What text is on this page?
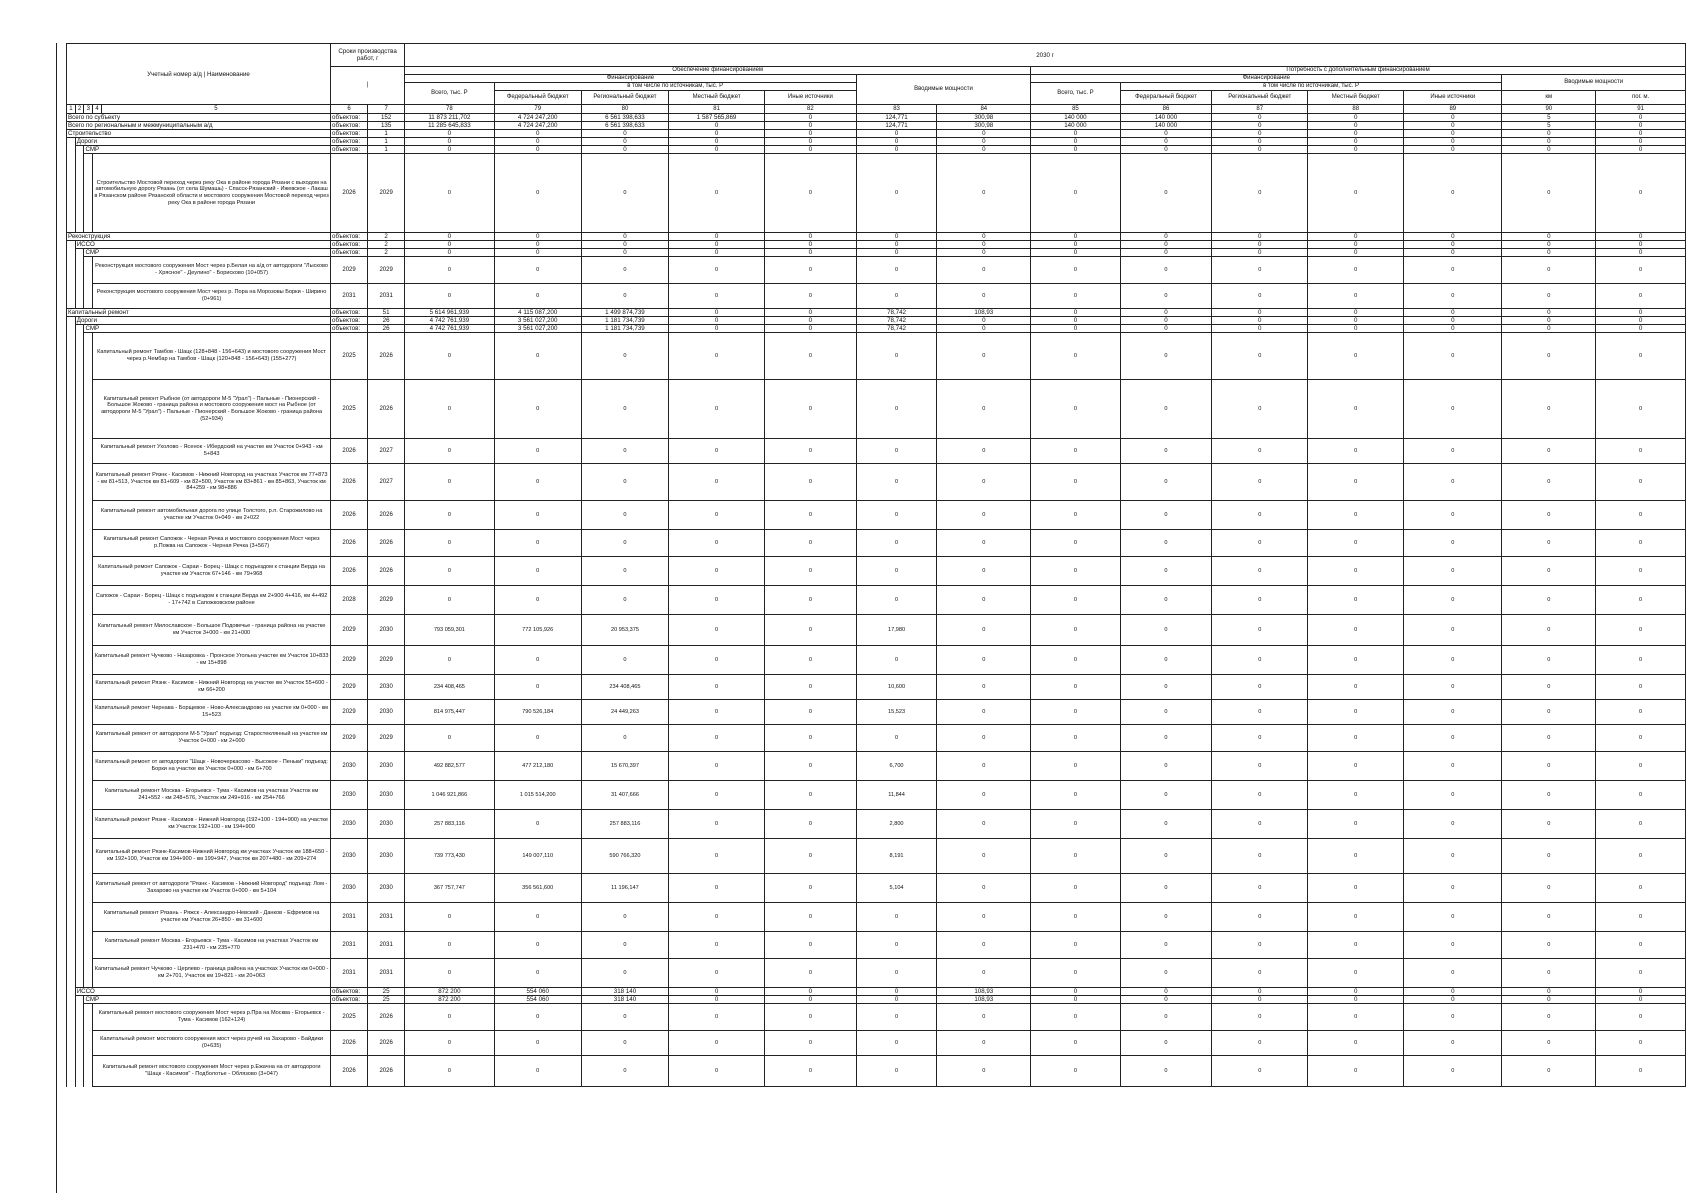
Учетный номер а/д | Наименование					Сроки производства работ, г		2030 г													
					|		Обеспечение финансированием							Потребность с дополнительным финансированием						
							Финансирование					Вводимые мощности		Финансирование					Вводимые мощности	
							Всего, тыс. Р	в том числе по источникам, тыс. Р						Всего, тыс. Р	в том числе по источникам, тыс. Р					
								Федеральный бюджет	Региональный бюджет	Местный бюджет	Иные источники				Федеральный бюджет	Региональный бюджет	Местный бюджет	Иные источники	км	пог. м.
1	2	3	4	5	6	7	78	79	80	81	82	83	84	85	86	87	88	89	90	91
Всего по субъекту					объектов:	152	11 873 211,702	4 724 247,200	6 561 398,633	1 587 565,869	0	124,771	300,98	140 000	140 000	0	0	0	5	0
Всего по региональным и межмуниципальным а/д					объектов:	135	11 285 645,833	4 724 247,200	6 561 398,633	0	0	124,771	300,98	140 000	140 000	0	0	0	5	0
Строительство					объектов:	1	0	0	0	0	0	0	0	0	0	0	0	0	0	0
	Дороги				объектов:	1	0	0	0	0	0	0	0	0	0	0	0	0	0	0
		СМР			объектов:	1	0	0	0	0	0	0	0	0	0	0	0	0	0	0
			Строительство Мостовой переход через реку Ока в районе города Рязани с выходом на автомобильную дорогу Рязань (от села Шумашь) - Спасск-Рязанский - Ижевское - Лакаш в Рязанском районе Рязанской области и мостового сооружения Мостовой переход через реку Ока в районе города Рязани		2026	2029	0	0	0	0	0	0	0	0	0	0	0	0	0	0
Реконструкция					объектов:	2	0	0	0	0	0	0	0	0	0	0	0	0	0	0
	ИССО				объектов:	2	0	0	0	0	0	0	0	0	0	0	0	0	0	0
		СМР			объектов:	2	0	0	0	0	0	0	0	0	0	0	0	0	0	0
			Реконструкция мостового сооружения Мост через р.Белая на а/д от автодороги "Лысково - Хрясное" - Деулино" - Борисково (10+057)		2029	2029	0	0	0	0	0	0	0	0	0	0	0	0	0	0
			Реконструкция мостового сооружения Мост через р. Пора на Морозовы Борки - Ширино (0+961)		2031	2031	0	0	0	0	0	0	0	0	0	0	0	0	0	0
Капитальный ремонт					объектов:	51	5 614 961,939	4 115 087,200	1 499 874,739	0	0	78,742	108,93	0	0	0	0	0	0	0
	Дороги				объектов:	26	4 742 761,939	3 561 027,200	1 181 734,739	0	0	78,742	0	0	0	0	0	0	0	0
		СМР			объектов:	26	4 742 761,939	3 561 027,200	1 181 734,739	0	0	78,742	0	0	0	0	0	0	0	0
			Капитальный ремонт Тамбов - Шацк (128+848 - 156+643) и мостового сооружения Мост через р.Чембар на Тамбов - Шацк (120+848 - 156+643) (155+277)		2025	2026	0	0	0	0	0	0	0	0	0	0	0	0	0	0
			Капитальный ремонт Рыбное (от автодороги М-5 "Урал") - Пальные - Пионерский - Большое Жоково - граница района и мостового сооружения мост на Рыбное (от автодороги М-5 "Урал") - Пальные - Пионерский - Большое Жоково - граница района (52+934)		2025	2026	0	0	0	0	0	0	0	0	0	0	0	0	0	0
			Капитальный ремонт Ухолово - Ясенок - Ибердский на участке км Участок 0+943 - км 5+843		2026	2027	0	0	0	0	0	0	0	0	0	0	0	0	0	0
			Капитальный ремонт Рязнк - Касимов - Нижний Новгород на участках Участок км 77+873 - км 81+513, Участок км 81+609 - км 82+500, Участок км 83+861 - км 85+863, Участок км 84+259 - км 98+886		2026	2027	0	0	0	0	0	0	0	0	0	0	0	0	0	0
			Капитальный ремонт автомобильная дорога по улице Толстого, р.п. Старожилово на участке км Участок 0+049 - км 2+022		2026	2026	0	0	0	0	0	0	0	0	0	0	0	0	0	0
			Капитальный ремонт Сапожок - Черная Речка и мостового сооружения Мост через р.Пожва на Сапожок - Черная Речка (3+567)		2026	2026	0	0	0	0	0	0	0	0	0	0	0	0	0	0
			Капитальный ремонт Сапожок - Сараи - Борец - Шацк с подъездом к станции Верда на участке км Участок 67+146 - км 79+968		2026	2026	0	0	0	0	0	0	0	0	0	0	0	0	0	0
			Сапожок - Сараи - Борец - Шацк с подъездом к станции Верда км 2+900 4+416, км 4+492 - 17+742 в Сапожковском районе		2028	2029	0	0	0	0	0	0	0	0	0	0	0	0	0	0
			Капитальный ремонт Милославское - Большое Подовечье - граница района на участке км Участок 3+000 - км 21+000		2029	2030	793 059,301	772 105,926	20 953,375	0	0	17,980	0	0	0	0	0	0	0	0
			Капитальный ремонт Чучково - Назаровка - Пронское Угольна участке км Участок 10+833 - км 15+898		2029	2029	0	0	0	0	0	0	0	0	0	0	0	0	0	0
			Капитальный ремонт Рязнк - Касимов - Нижний Новгород на участке км Участок 55+600 - км 66+200		2029	2030	234 408,465	0	234 408,465	0	0	10,600	0	0	0	0	0	0	0	0
			Капитальный ремонт Чернава - Борщевое - Ново-Александрово на участке км 0+000 - км 15+523		2029	2030	814 975,447	790 526,184	24 449,263	0	0	15,523	0	0	0	0	0	0	0	0
			Капитальный ремонт от автодороги М-5 "Урал" подъезд: Старостеклянный на участке км Участок 0+000 - км 2+000		2029	2029	0	0	0	0	0	0	0	0	0	0	0	0	0	0
			Капитальный ремонт от автодороги "Шацк - Новочеркасово - Высокое - Пеньки" подъезд: Борки на участке км Участок 0+000 - км 6+700		2030	2030	492 882,577	477 212,180	15 670,397	0	0	6,700	0	0	0	0	0	0	0	0
			Капитальный ремонт Москва - Егорьевск - Тума - Касимов на участках Участок км 241+552 - км 248+576, Участок км 249+916 - км 254+766		2030	2030	1 046 921,866	1 015 514,200	31 407,666	0	0	11,844	0	0	0	0	0	0	0	0
			Капитальный ремонт Рязнк - Касимов - Нижний Новгород (192+100 - 194+900) на участке км Участок 192+100 - км 194+900		2030	2030	257 883,116	0	257 883,116	0	0	2,800	0	0	0	0	0	0	0	0
			Капитальный ремонт Рязнк-Касимов-Нижний Новгород км участках Участок км 188+650 - км 192+100, Участок км 194+900 - км 199+947, Участок км 207+480 - км 209+274		2030	2030	739 773,430	149 007,110	590 766,320	0	0	8,191	0	0	0	0	0	0	0	0
			Капитальный ремонт от автодороги "Рязнк - Касимов - Нижний Новгород" подъезд: Лом - Захарово на участке км Участок 0+000 - км 5+104		2030	2030	367 757,747	356 561,600	11 196,147	0	0	5,104	0	0	0	0	0	0	0	0
			Капитальный ремонт Рязань - Ряжск - Александро-Невский - Данков - Ефремов на участке км Участок 26+850 - км 31+600		2031	2031	0	0	0	0	0	0	0	0	0	0	0	0	0	0
			Капитальный ремонт Москва - Егорьевск - Тума - Касимов на участках Участок км 231+470 - км 235+770		2031	2031	0	0	0	0	0	0	0	0	0	0	0	0	0	0
			Капитальный ремонт Чучково - Церлево - граница района на участках Участок км 0+000 - км 2+701, Участок км 19+821 - км 20+063		2031	2031	0	0	0	0	0	0	0	0	0	0	0	0	0	0
	ИССО				объектов:	25	872 200	554 060	318 140	0	0	0	108,93	0	0	0	0	0	0	0
		СМР			объектов:	25	872 200	554 060	318 140	0	0	0	108,93	0	0	0	0	0	0	0
			Капитальный ремонт мостового сооружения Мост через р.Пра на Москва - Егорьевск - Тума - Касимов (162+124)		2025	2026	0	0	0	0	0	0	0	0	0	0	0	0	0	0
			Капитальный ремонт мостового сооружения мост через ручей на Захарово - Байдики (0+635)		2026	2026	0	0	0	0	0	0	0	0	0	0	0	0	0	0
			Капитальный ремонт мостового сооружения Мост через р.Ежачна на от автодороги "Шацк - Касимов" - Подболотье - Облязово (3+047)		2026	2026	0	0	0	0	0	0	0	0	0	0	0	0	0	0
